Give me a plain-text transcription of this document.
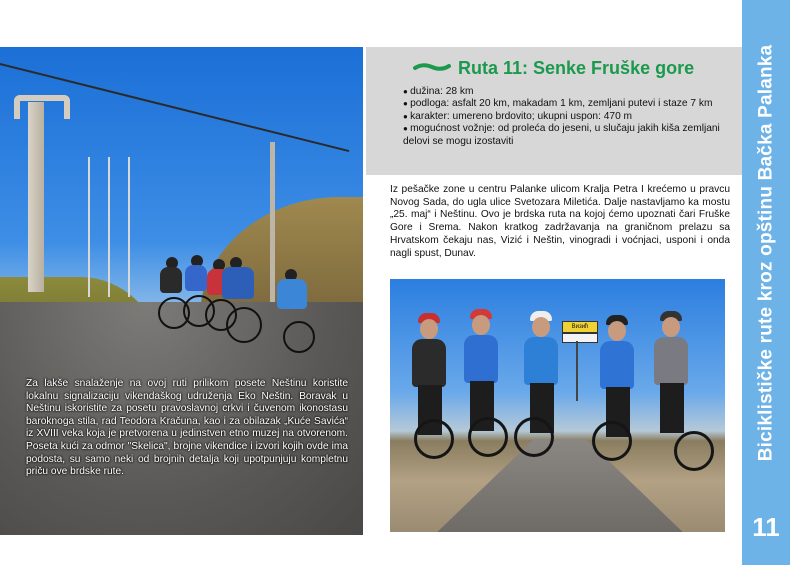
Za lakše snalaženje na ovoj ruti prilikom posete Neštinu koristite lokalnu signalizaciju vikendaškog udruženja Eko Neštin. Boravak u Neštinu iskoristite za posetu pravoslavnoj crkvi i čuvenom ikonostasu baroknoga stila, rad Teodora Kračuna, kao i za obilazak „Kuće Savića“ iz XVIII veka koja je pretvorena u jedinstven etno muzej na otvorenom. Poseta kući za odmor "Skelica", brojne vikendice i izvori kojih ovde ima podosta, su samo neki od brojnih detalja koji upotpunjuju kompletnu priču ove brdske rute.
Ruta 11: Senke Fruške gore
● dužina: 28 km
● podloga: asfalt 20 km, makadam 1 km, zemljani putevi i staze 7 km
● karakter: umereno brdovito; ukupni uspon: 470 m
● mogućnost vožnje: od proleća do jeseni, u slučaju jakih kiša zemljani delovi se mogu izostaviti
Iz pešačke zone u centru Palanke ulicom Kralja Petra I krećemo u pravcu Novog Sada, do ugla ulice Svetozara Miletića. Dalje nastavljamo ka mostu „25. maj“ i Neštinu. Ovo je brdska ruta na kojoj ćemo upoznati čari Fruške Gore i Srema. Nakon kratkog zadržavanja na graničnom prelazu sa Hrvatskom čekaju nas, Vizić i Neštin, vinogradi i voćnjaci, usponi i onda nagli spust, Dunav.
Визић	Biciklističke rute kroz opštinu Bačka Palanka
11
